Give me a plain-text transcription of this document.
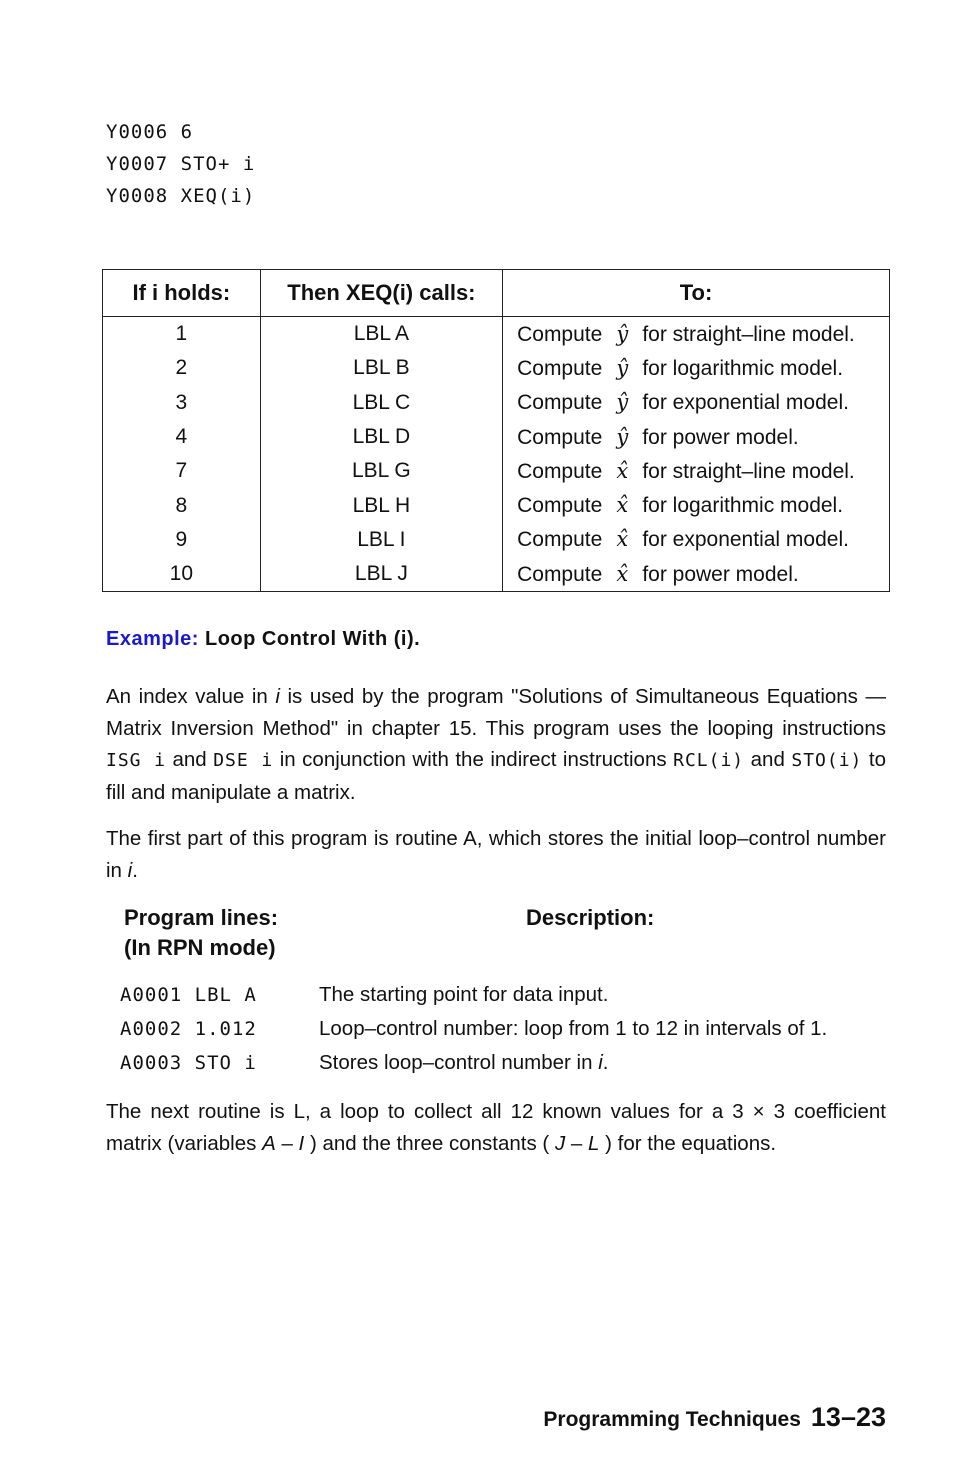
Y0006 6
Y0007 STO+ i
Y0008 XEQ(i)
If i holds:	Then XEQ(i) calls:	To:
1	LBL A	Compute ŷ for straight–line model.
2	LBL B	Compute ŷ for logarithmic model.
3	LBL C	Compute ŷ for exponential model.
4	LBL D	Compute ŷ for power model.
7	LBL G	Compute x̂ for straight–line model.
8	LBL H	Compute x̂ for logarithmic model.
9	LBL I	Compute x̂ for exponential model.
10	LBL J	Compute x̂ for power model.
Example: Loop Control With (i).
An index value in i is used by the program "Solutions of Simultaneous Equations — Matrix Inversion Method" in chapter 15. This program uses the looping instructions ISG i and DSE i in conjunction with the indirect instructions RCL(i) and STO(i) to fill and manipulate a matrix.
The first part of this program is routine A, which stores the initial loop–control number in i.
Program lines:
(In RPN mode)
Description:
A0001 LBL A	The starting point for data input.
A0002 1.012	Loop–control number: loop from 1 to 12 in intervals of 1.
A0003 STO i	Stores loop–control number in i.
The next routine is L, a loop to collect all 12 known values for a 3 × 3 coefficient matrix (variables A – I ) and the three constants ( J – L ) for the equations.
Programming Techniques 13–23
